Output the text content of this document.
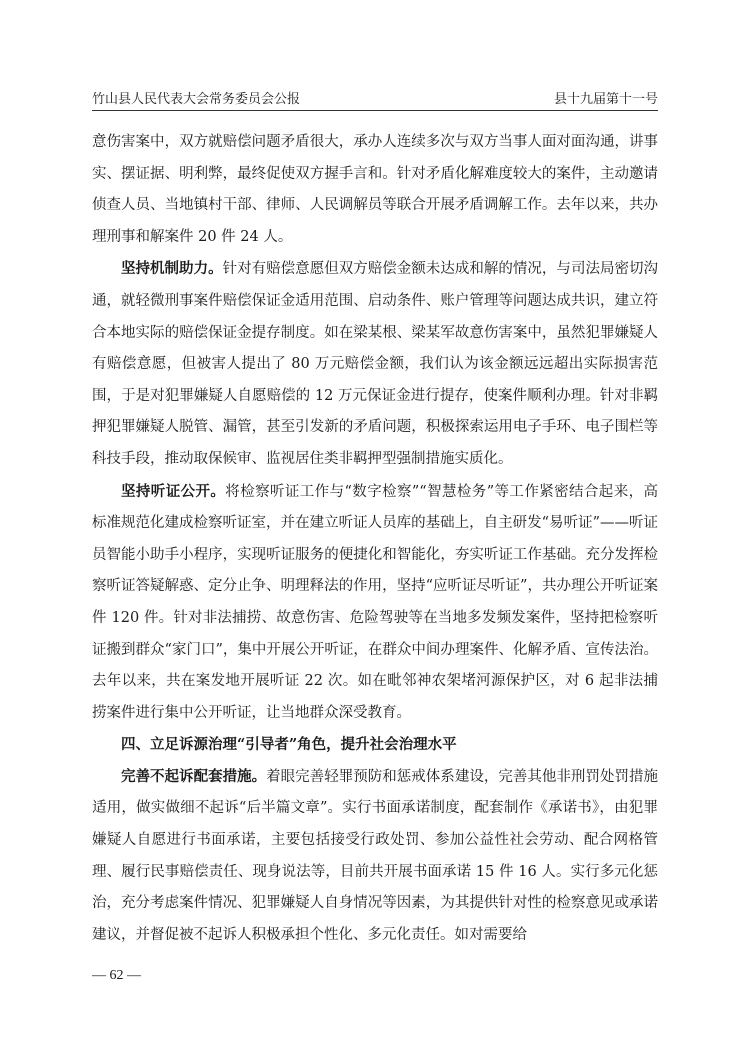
竹山县人民代表大会常务委员会公报	县十九届第十一号

意伤害案中，双方就赔偿问题矛盾很大，承办人连续多次与双方当事人面对面沟通，讲事实、摆证据、明利弊，最终促使双方握手言和。针对矛盾化解难度较大的案件，主动邀请侦查人员、当地镇村干部、律师、人民调解员等联合开展矛盾调解工作。去年以来，共办理刑事和解案件 20 件 24 人。

坚持机制助力。针对有赔偿意愿但双方赔偿金额未达成和解的情况，与司法局密切沟通，就轻微刑事案件赔偿保证金适用范围、启动条件、账户管理等问题达成共识，建立符合本地实际的赔偿保证金提存制度。如在梁某根、梁某军故意伤害案中，虽然犯罪嫌疑人有赔偿意愿，但被害人提出了 80 万元赔偿金额，我们认为该金额远远超出实际损害范围，于是对犯罪嫌疑人自愿赔偿的 12 万元保证金进行提存，使案件顺利办理。针对非羁押犯罪嫌疑人脱管、漏管，甚至引发新的矛盾问题，积极探索运用电子手环、电子围栏等科技手段，推动取保候审、监视居住类非羁押型强制措施实质化。

坚持听证公开。将检察听证工作与“数字检察”“智慧检务”等工作紧密结合起来，高标准规范化建成检察听证室，并在建立听证人员库的基础上，自主研发“易听证”——听证员智能小助手小程序，实现听证服务的便捷化和智能化，夯实听证工作基础。充分发挥检察听证答疑解惑、定分止争、明理释法的作用，坚持“应听证尽听证”，共办理公开听证案件 120 件。针对非法捕捞、故意伤害、危险驾驶等在当地多发频发案件，坚持把检察听证搬到群众“家门口”，集中开展公开听证，在群众中间办理案件、化解矛盾、宣传法治。去年以来，共在案发地开展听证 22 次。如在毗邻神农架堵河源保护区，对 6 起非法捕捞案件进行集中公开听证，让当地群众深受教育。

四、立足诉源治理“引导者”角色，提升社会治理水平

完善不起诉配套措施。着眼完善轻罪预防和惩戒体系建设，完善其他非刑罚处罚措施适用，做实做细不起诉“后半篇文章”。实行书面承诺制度，配套制作《承诺书》，由犯罪嫌疑人自愿进行书面承诺，主要包括接受行政处罚、参加公益性社会劳动、配合网格管理、履行民事赔偿责任、现身说法等，目前共开展书面承诺 15 件 16 人。实行多元化惩治，充分考虑案件情况、犯罪嫌疑人自身情况等因素，为其提供针对性的检察意见或承诺建议，并督促被不起诉人积极承担个性化、多元化责任。如对需要给

— 62 —
